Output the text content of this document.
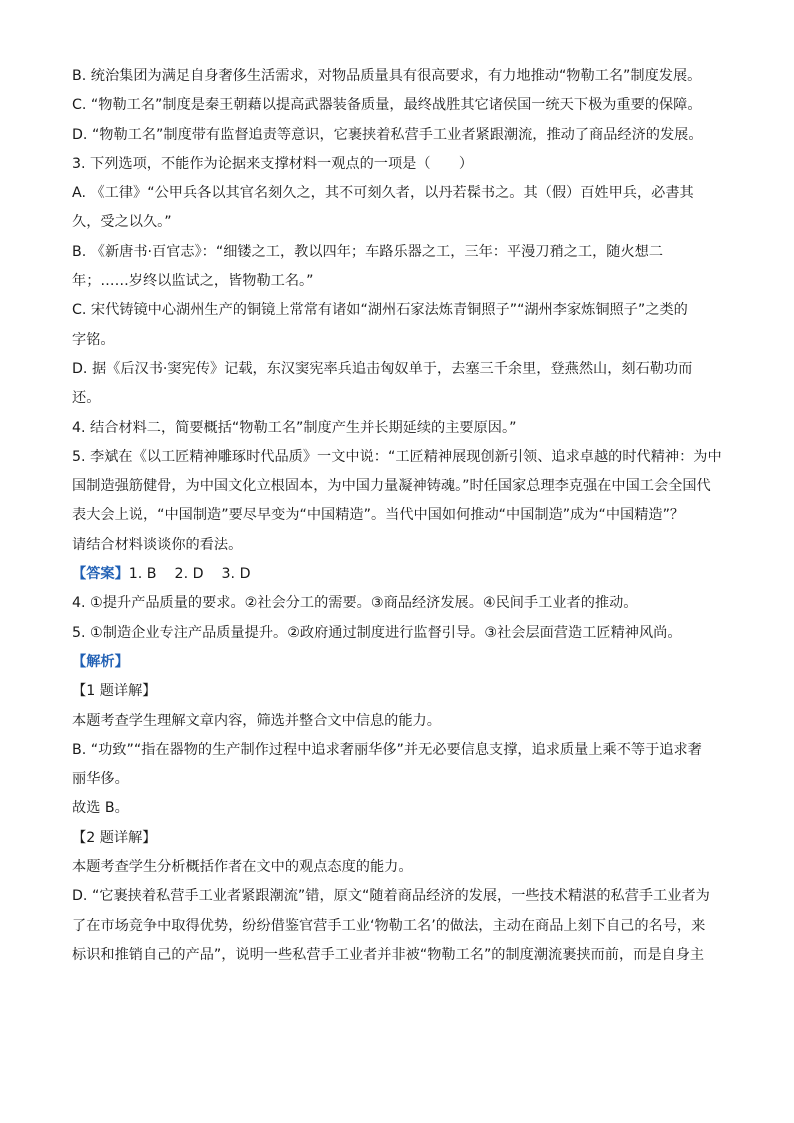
B. 统治集团为满足自身奢侈生活需求，对物品质量具有很高要求，有力地推动“物勒工名”制度发展。
C. “物勒工名”制度是秦王朝藉以提高武器装备质量，最终战胜其它诸侯国一统天下极为重要的保障。
D. “物勒工名”制度带有监督追责等意识，它裹挟着私营手工业者紧跟潮流，推动了商品经济的发展。
3. 下列选项，不能作为论据来支撑材料一观点的一项是（　　）
A. 《工律》“公甲兵各以其官名刻久之，其不可刻久者，以丹若髹书之。其（假）百姓甲兵，必書其
久，受之以久。”
B. 《新唐书·百官志》：“细镂之工，教以四年；车路乐器之工，三年：平漫刀矟之工，随火想二
年；……岁终以监试之，皆物勒工名。”
C. 宋代铸镜中心湖州生产的铜镜上常常有诸如“湖州石家法炼青铜照子”“湖州李家炼铜照子”之类的
字铭。
D. 据《后汉书·窦宪传》记载，东汉窦宪率兵追击匈奴单于，去塞三千余里，登燕然山，刻石勒功而
还。
4. 结合材料二，简要概括“物勒工名”制度产生并长期延续的主要原因。”
5. 李斌在《以工匠精神雕琢时代品质》一文中说：“工匠精神展现创新引领、追求卓越的时代精神：为中
国制造强筋健骨，为中国文化立根固本，为中国力量凝神铸魂。”时任国家总理李克强在中国工会全国代
表大会上说，“中国制造”要尽早变为“中国精造”。当代中国如何推动“中国制造”成为“中国精造”？
请结合材料谈谈你的看法。
【答案】1. B 2. D 3. D
4. ①提升产品质量的要求。②社会分工的需要。③商品经济发展。④民间手工业者的推动。
5. ①制造企业专注产品质量提升。②政府通过制度进行监督引导。③社会层面营造工匠精神风尚。
【解析】
【1 题详解】
本题考查学生理解文章内容，筛选并整合文中信息的能力。
B. “功致”“指在器物的生产制作过程中追求奢丽华侈”并无必要信息支撑，追求质量上乘不等于追求奢
丽华侈。
故选 B。
【2 题详解】
本题考查学生分析概括作者在文中的观点态度的能力。
D. “它裹挟着私营手工业者紧跟潮流”错，原文“随着商品经济的发展，一些技术精湛的私营手工业者为
了在市场竞争中取得优势，纷纷借鉴官营手工业‘物勒工名’的做法，主动在商品上刻下自己的名号，来
标识和推销自己的产品”，说明一些私营手工业者并非被“物勒工名”的制度潮流裹挟而前，而是自身主
